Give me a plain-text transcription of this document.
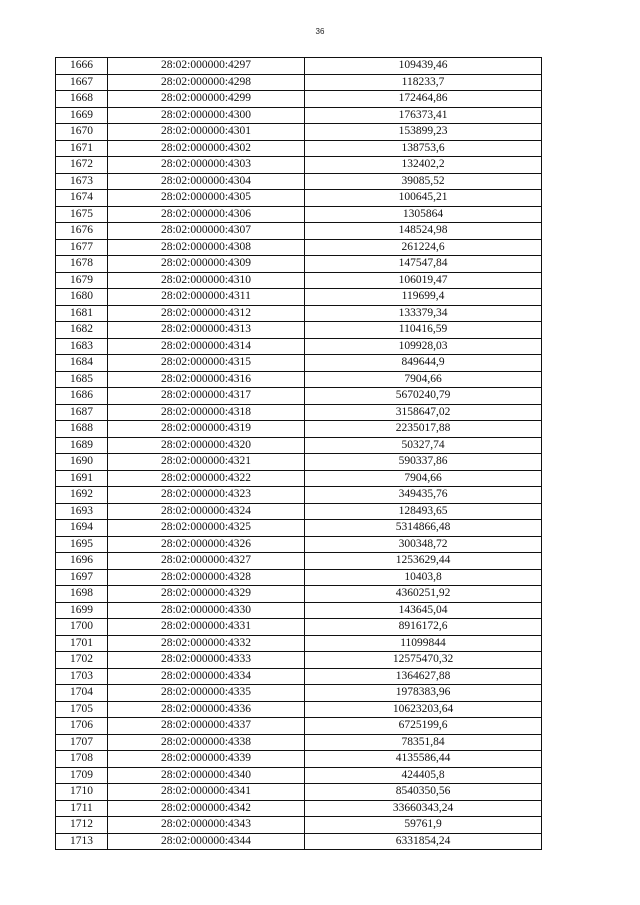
36
1666	28:02:000000:4297	109439,46
1667	28:02:000000:4298	118233,7
1668	28:02:000000:4299	172464,86
1669	28:02:000000:4300	176373,41
1670	28:02:000000:4301	153899,23
1671	28:02:000000:4302	138753,6
1672	28:02:000000:4303	132402,2
1673	28:02:000000:4304	39085,52
1674	28:02:000000:4305	100645,21
1675	28:02:000000:4306	1305864
1676	28:02:000000:4307	148524,98
1677	28:02:000000:4308	261224,6
1678	28:02:000000:4309	147547,84
1679	28:02:000000:4310	106019,47
1680	28:02:000000:4311	119699,4
1681	28:02:000000:4312	133379,34
1682	28:02:000000:4313	110416,59
1683	28:02:000000:4314	109928,03
1684	28:02:000000:4315	849644,9
1685	28:02:000000:4316	7904,66
1686	28:02:000000:4317	5670240,79
1687	28:02:000000:4318	3158647,02
1688	28:02:000000:4319	2235017,88
1689	28:02:000000:4320	50327,74
1690	28:02:000000:4321	590337,86
1691	28:02:000000:4322	7904,66
1692	28:02:000000:4323	349435,76
1693	28:02:000000:4324	128493,65
1694	28:02:000000:4325	5314866,48
1695	28:02:000000:4326	300348,72
1696	28:02:000000:4327	1253629,44
1697	28:02:000000:4328	10403,8
1698	28:02:000000:4329	4360251,92
1699	28:02:000000:4330	143645,04
1700	28:02:000000:4331	8916172,6
1701	28:02:000000:4332	11099844
1702	28:02:000000:4333	12575470,32
1703	28:02:000000:4334	1364627,88
1704	28:02:000000:4335	1978383,96
1705	28:02:000000:4336	10623203,64
1706	28:02:000000:4337	6725199,6
1707	28:02:000000:4338	78351,84
1708	28:02:000000:4339	4135586,44
1709	28:02:000000:4340	424405,8
1710	28:02:000000:4341	8540350,56
1711	28:02:000000:4342	33660343,24
1712	28:02:000000:4343	59761,9
1713	28:02:000000:4344	6331854,24
